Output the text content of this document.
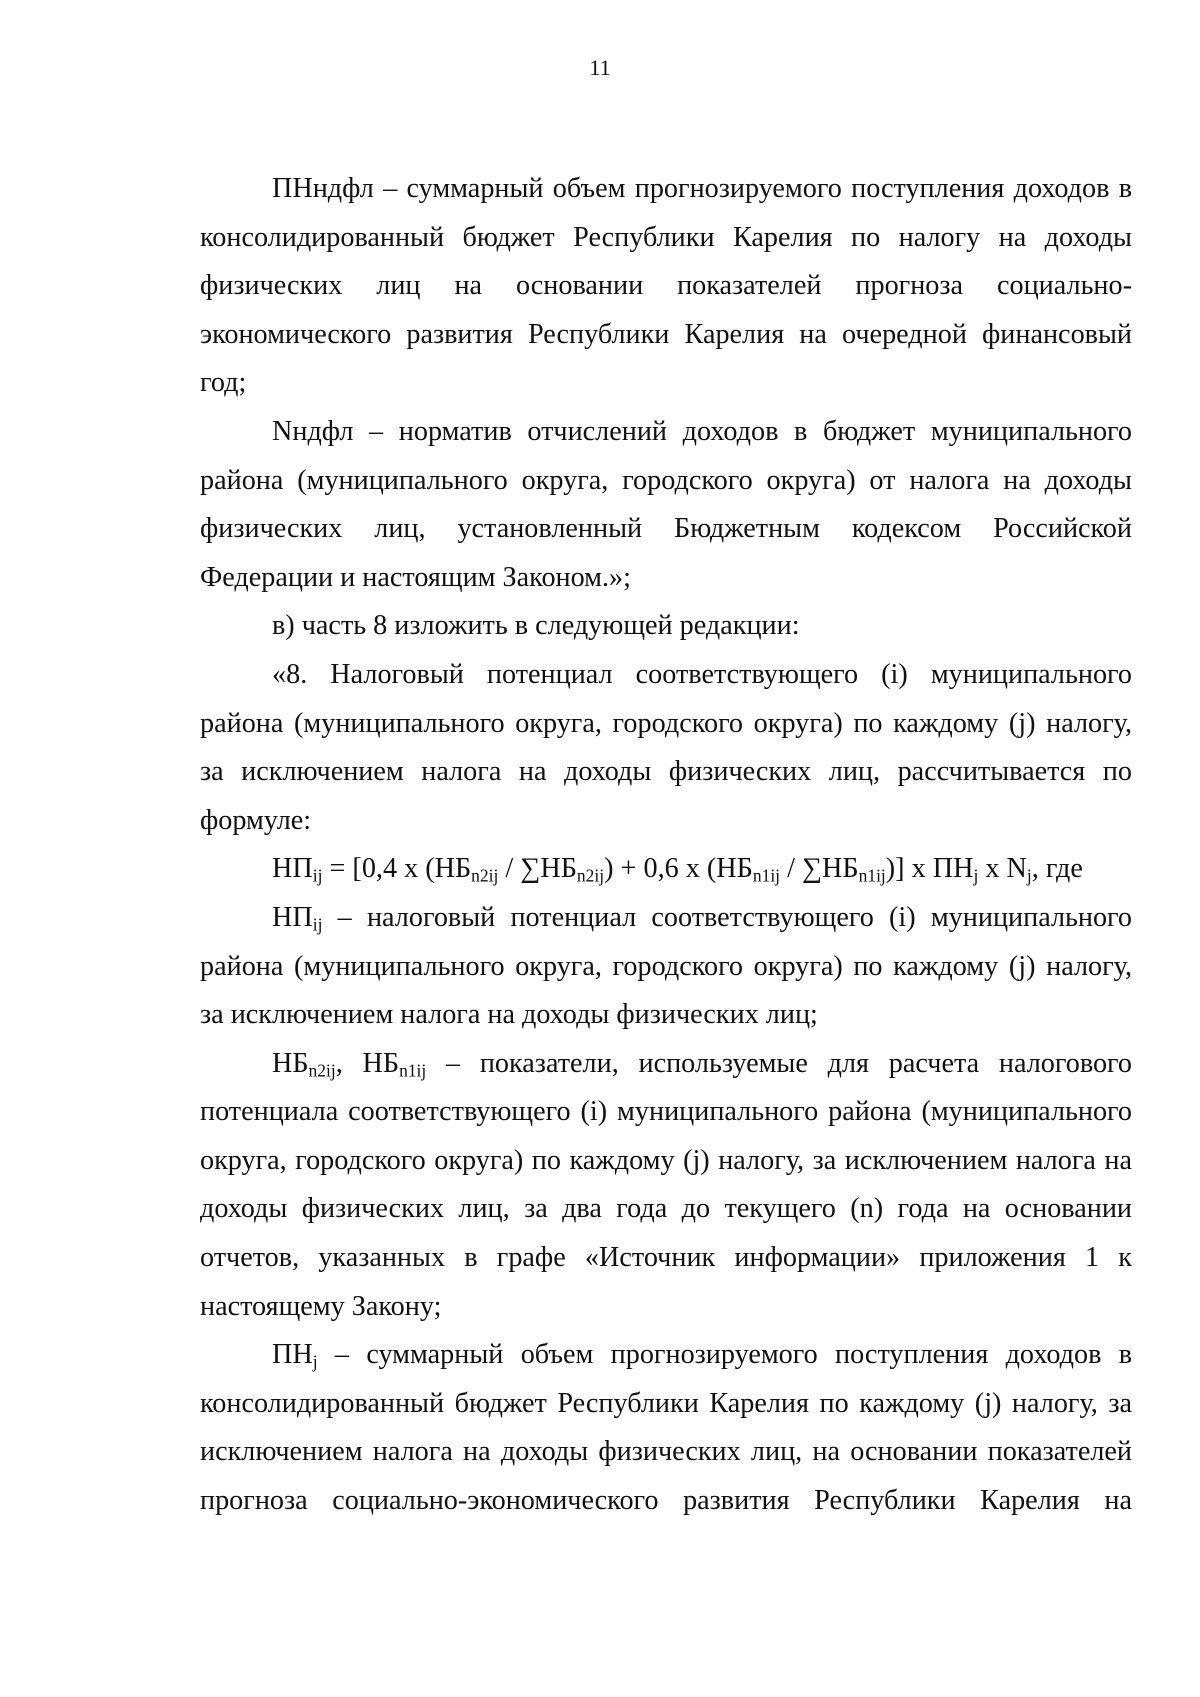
11

ПНндфл – суммарный объем прогнозируемого поступления доходов в консолидированный бюджет Республики Карелия по налогу на доходы физических лиц на основании показателей прогноза социально-экономического развития Республики Карелия на очередной финансовый год;

Nндфл – норматив отчислений доходов в бюджет муниципального района (муниципального округа, городского округа) от налога на доходы физических лиц, установленный Бюджетным кодексом Российской Федерации и настоящим Законом.»;

в) часть 8 изложить в следующей редакции:

«8. Налоговый потенциал соответствующего (i) муниципального района (муниципального округа, городского округа) по каждому (j) налогу, за исключением налога на доходы физических лиц, рассчитывается по формуле:

$НП_{ij} = [0,4$ x $(НБ_{n2ij} / \sum НБ_{n2ij}) + 0,6$ x $(НБ_{n1ij} / \sum НБ_{n1ij})$] x $ПН_j$ x $N_j$, где

$НП_{ij}$ – налоговый потенциал соответствующего (i) муниципального района (муниципального округа, городского округа) по каждому (j) налогу, за исключением налога на доходы физических лиц;

$НБ_{n2ij}$, $НБ_{n1ij}$ – показатели, используемые для расчета налогового потенциала соответствующего (i) муниципального района (муниципального округа, городского округа) по каждому (j) налогу, за исключением налога на доходы физических лиц, за два года до текущего (n) года на основании отчетов, указанных в графе «Источник информации» приложения 1 к настоящему Закону;

$ПН_j$ – суммарный объем прогнозируемого поступления доходов в консолидированный бюджет Республики Карелия по каждому (j) налогу, за исключением налога на доходы физических лиц, на основании показателей прогноза социально-экономического развития Республики Карелия на
